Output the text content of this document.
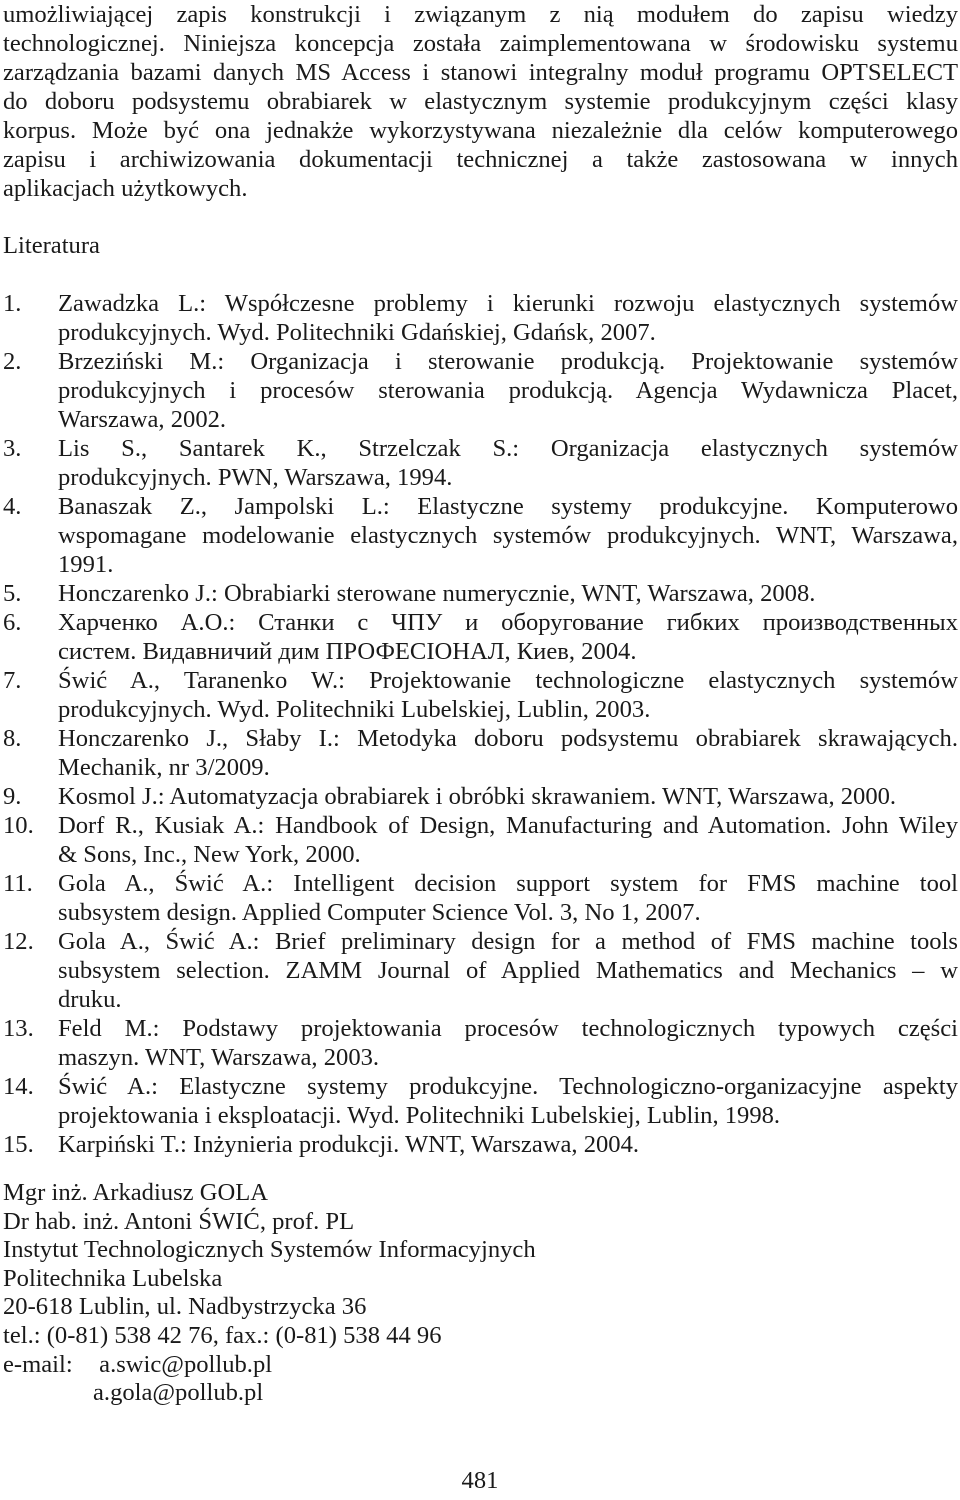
umożliwiającej zapis konstrukcji i związanym z nią modułem do zapisu wiedzy
technologicznej. Niniejsza koncepcja została zaimplementowana w środowisku systemu
zarządzania bazami danych MS Access i stanowi integralny moduł programu OPTSELECT
do doboru podsystemu obrabiarek w elastycznym systemie produkcyjnym części klasy
korpus. Może być ona jednakże wykorzystywana niezależnie dla celów komputerowego
zapisu i archiwizowania dokumentacji technicznej a także zastosowana w innych
aplikacjach użytkowych.
Literatura
1.	Zawadzka L.: Współczesne problemy i kierunki rozwoju elastycznych systemów
produkcyjnych. Wyd. Politechniki Gdańskiej, Gdańsk, 2007.
2.	Brzeziński M.: Organizacja i sterowanie produkcją. Projektowanie systemów
produkcyjnych i procesów sterowania produkcją. Agencja Wydawnicza Placet,
Warszawa, 2002.
3.	Lis S., Santarek K., Strzelczak S.: Organizacja elastycznych systemów
produkcyjnych. PWN, Warszawa, 1994.
4.	Banaszak Z., Jampolski L.: Elastyczne systemy produkcyjne. Komputerowo
wspomagane modelowanie elastycznych systemów produkcyjnych. WNT, Warszawa,
1991.
5.	Honczarenko J.: Obrabiarki sterowane numerycznie, WNT, Warszawa, 2008.
6.	Харченко А.О.: Станки с ЧПУ и оборугование гибких производственных
систем. Видавничий дим ПРОФЕСІОНАЛ, Киев, 2004.
7.	Świć A., Taranenko W.: Projektowanie technologiczne elastycznych systemów
produkcyjnych. Wyd. Politechniki Lubelskiej, Lublin, 2003.
8.	Honczarenko J., Słaby I.: Metodyka doboru podsystemu obrabiarek skrawających.
Mechanik, nr 3/2009.
9.	Kosmol J.: Automatyzacja obrabiarek i obróbki skrawaniem. WNT, Warszawa, 2000.
10. Dorf R., Kusiak A.: Handbook of Design, Manufacturing and Automation. John Wiley
& Sons, Inc., New York, 2000.
11.	Gola A., Świć A.: Intelligent decision support system for FMS machine tool
subsystem design. Applied Computer Science Vol. 3, No 1, 2007.
12. Gola A., Świć A.: Brief preliminary design for a method of FMS machine tools
subsystem selection. ZAMM Journal of Applied Mathematics and Mechanics – w
druku.
13. Feld M.: Podstawy projektowania procesów technologicznych typowych części
maszyn. WNT, Warszawa, 2003.
14. Świć A.: Elastyczne systemy produkcyjne. Technologiczno-organizacyjne aspekty
projektowania i eksploatacji. Wyd. Politechniki Lubelskiej, Lublin, 1998.
15. Karpiński T.: Inżynieria produkcji. WNT, Warszawa, 2004.
Mgr inż. Arkadiusz GOLA
Dr hab. inż. Antoni ŚWIĆ, prof. PL
Instytut Technologicznych Systemów Informacyjnych
Politechnika Lubelska
20-618 Lublin, ul. Nadbystrzycka 36
tel.: (0-81) 538 42 76, fax.: (0-81) 538 44 96
e-mail: a.swic@pollub.pl
a.gola@pollub.pl
481
